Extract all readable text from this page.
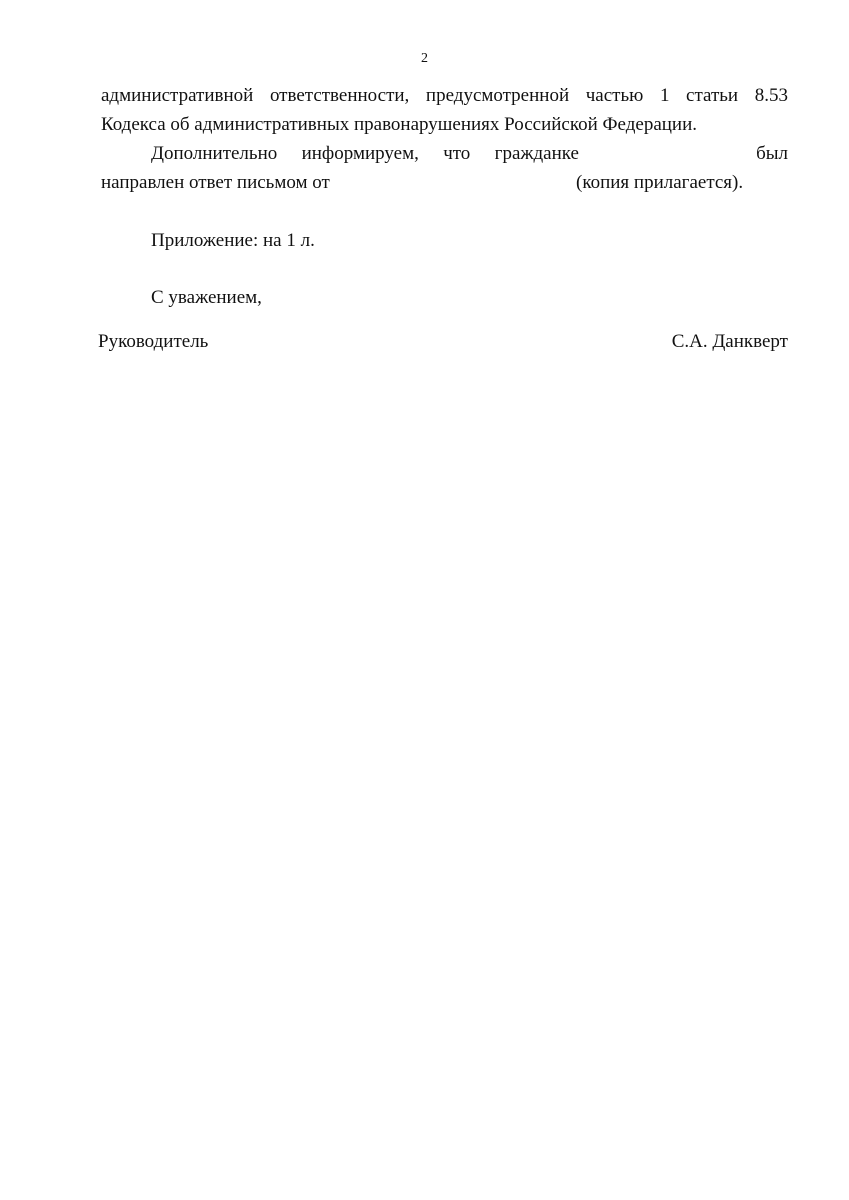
2
административной ответственности, предусмотренной частью 1 статьи 8.53
Кодекса об административных правонарушениях Российской Федерации.
Дополнительно информируем, что гражданке	был
направлен ответ письмом от	(копия прилагается).
Приложение: на 1 л.
С уважением,
Руководитель	С.А. Данкверт
